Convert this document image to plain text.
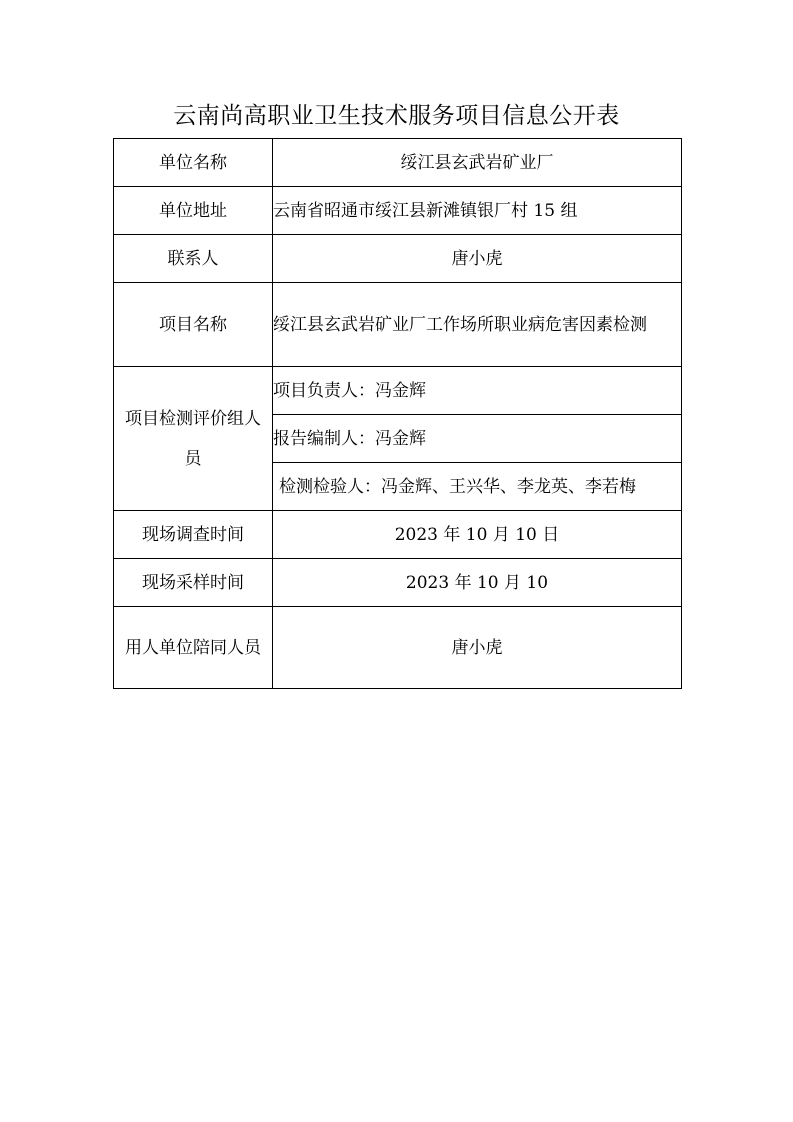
云南尚高职业卫生技术服务项目信息公开表
单位名称	绥江县玄武岩矿业厂
单位地址	云南省昭通市绥江县新滩镇银厂村 15 组
联系人	唐小虎
项目名称	绥江县玄武岩矿业厂工作场所职业病危害因素检测

项目检测评价组人员	项目负责人：冯金辉
	报告编制人：冯金辉
	检测检验人：冯金辉、王兴华、李龙英、李若梅
现场调查时间	2023 年 10 月 10 日
现场采样时间	2023 年 10 月 10

用人单位陪同人员	唐小虎
